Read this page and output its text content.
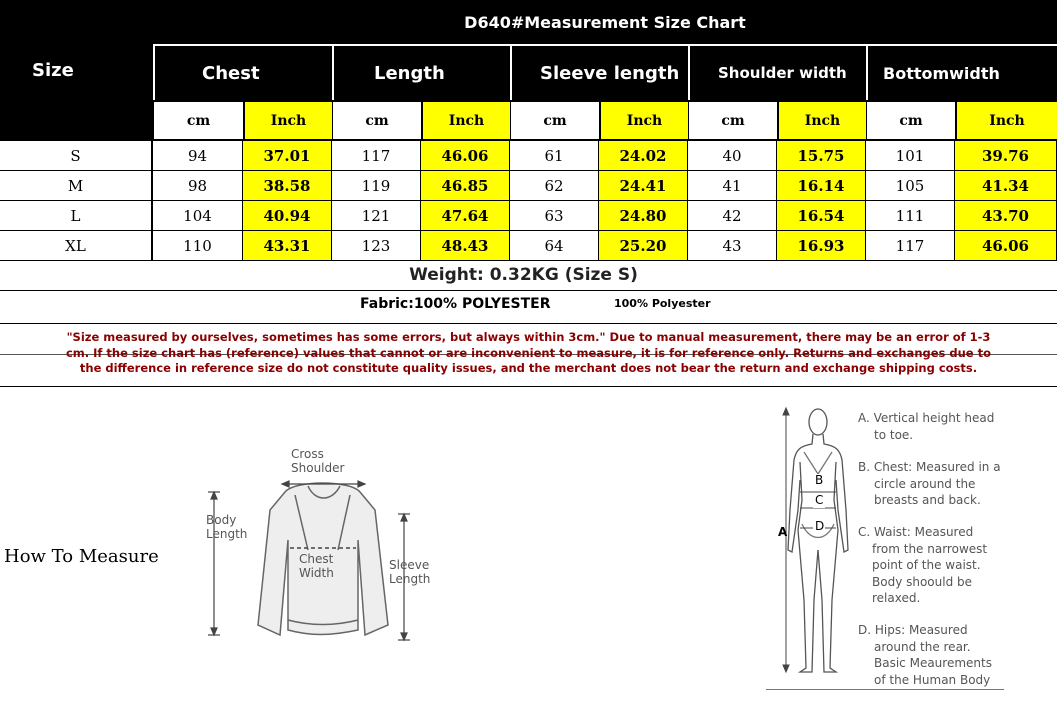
Size
D640#Measurement Size Chart
Chest	Length	Sleeve length	Shoulder width	Bottomwidth
cm	Inch	cm	Inch	cm	Inch	cm	Inch	cm	Inch
S	94	37.01	117	46.06	61	24.02	40	15.75	101	39.76
M	98	38.58	119	46.85	62	24.41	41	16.14	105	41.34
L	104	40.94	121	47.64	63	24.80	42	16.54	111	43.70
XL	110	43.31	123	48.43	64	25.20	43	16.93	117	46.06
Weight: 0.32KG (Size S)
Fabric:100% POLYESTER	100% Polyester
"Size measured by ourselves, sometimes has some errors, but always within 3cm." Due to manual measurement, there may be an error of 1-3 cm. If the size chart has (reference) values that cannot or are inconvenient to measure, it is for reference only. Returns and exchanges due to the difference in reference size do not constitute quality issues, and the merchant does not bear the return and exchange shipping costs.
How To Measure
Cross
Shoulder
Body
Length
Chest
Width
Sleeve
Length
A
B
C
D
A. Vertical height head
to toe.
B. Chest: Measured in a
circle around the
breasts and back.
C. Waist: Measured
from the narrowest
point of the waist.
Body shoould be
relaxed.
D. Hips: Measured
around the rear.
Basic Meaurements
of the Human Body
